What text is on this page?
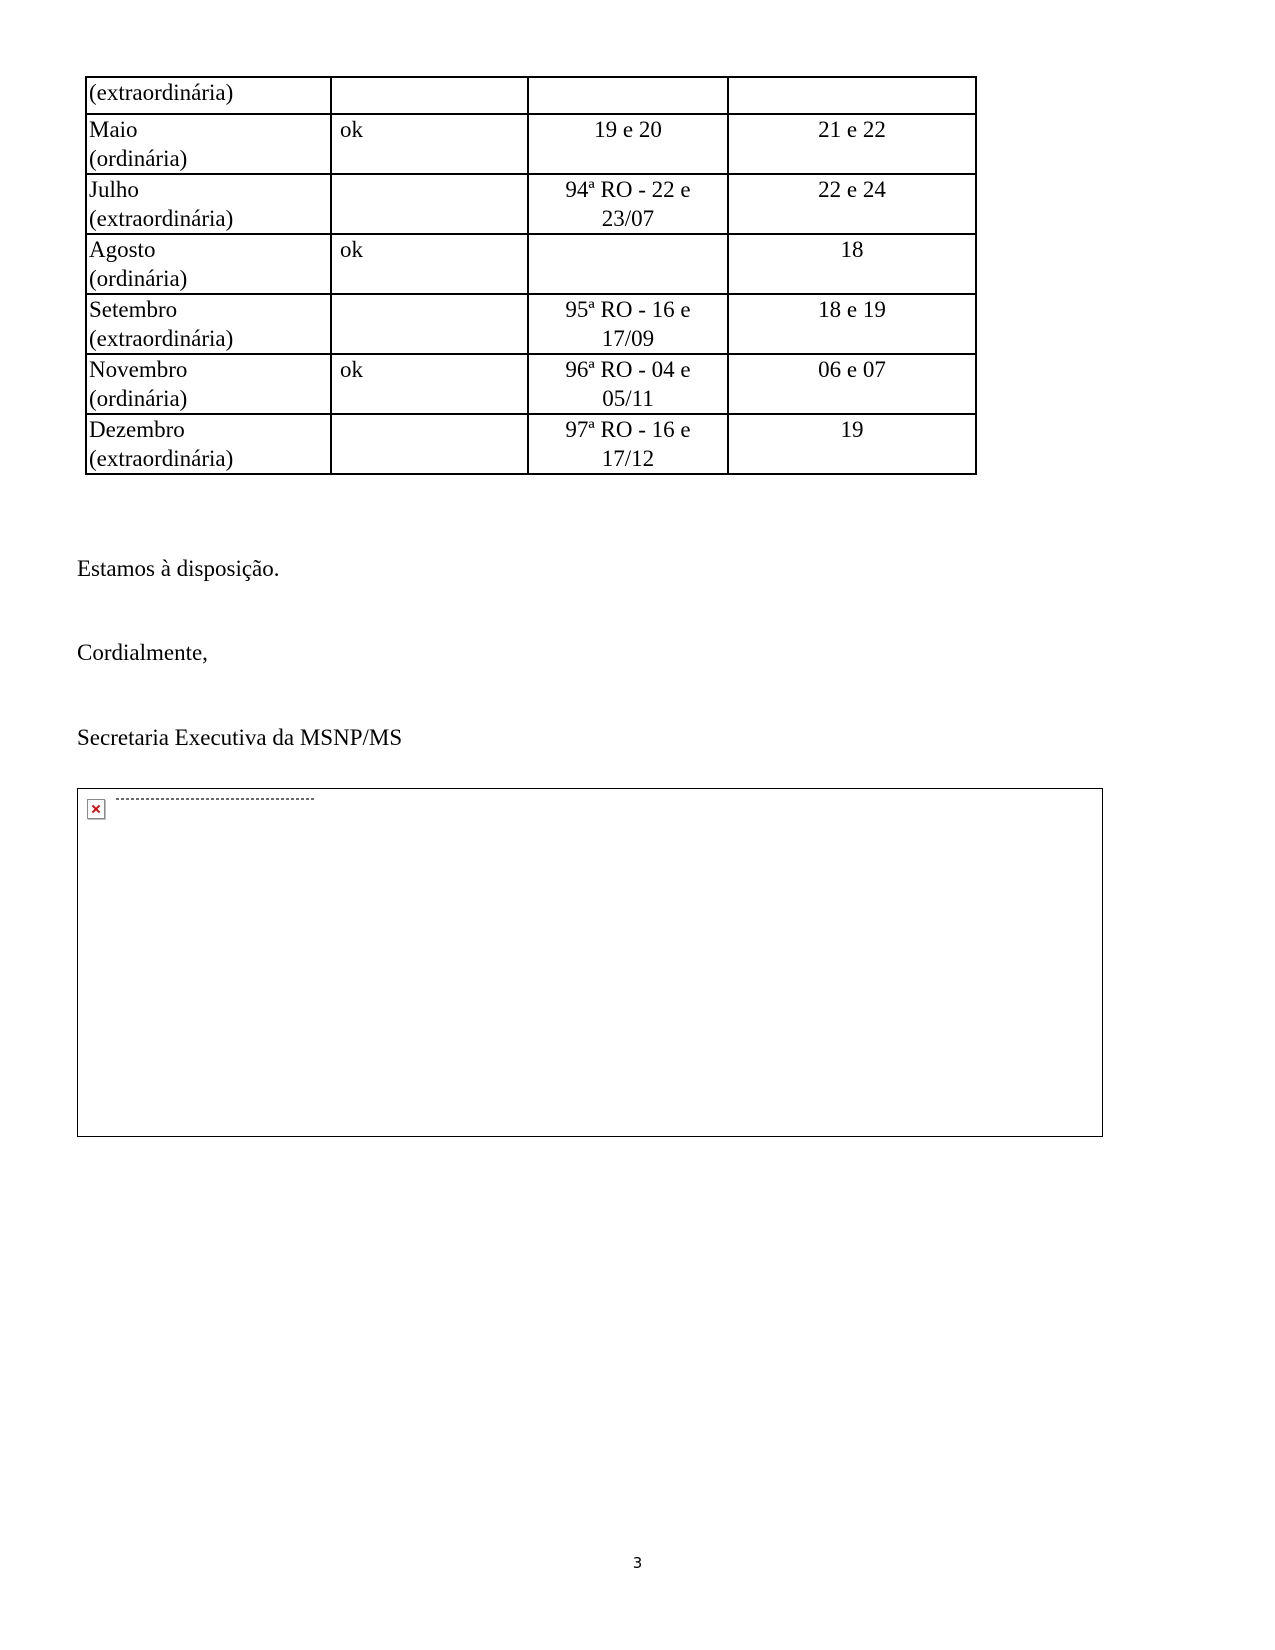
(extraordinária)			

Maio
(ordinária)	ok	19 e 20	21 e 22

Julho
(extraordinária)		94ª RO - 22 e 23/07	22 e 24

Agosto
(ordinária)	ok		18

Setembro
(extraordinária)		95ª RO - 16 e 17/09	18 e 19

Novembro
(ordinária)	ok	96ª RO - 04 e 05/11	06 e 07

Dezembro
(extraordinária)		97ª RO - 16 e 17/12	19

Estamos à disposição.

Cordialmente,

Secretaria Executiva da MSNP/MS

3
